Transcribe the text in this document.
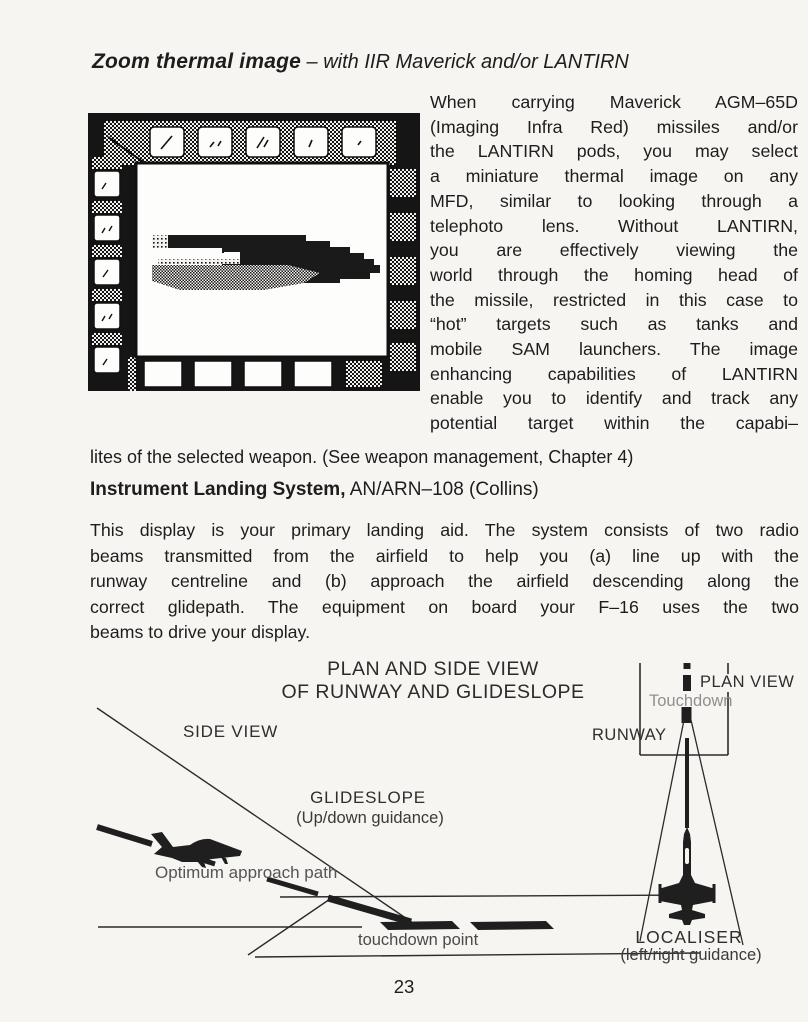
Zoom thermal image – with IIR Maverick and/or LANTIRN
When carrying Maverick AGM–65D
(Imaging Infra Red) missiles and/or
the LANTIRN pods, you may select
a miniature thermal image on any
MFD, similar to looking through a
telephoto lens. Without LANTIRN,
you are effectively viewing the
world through the homing head of
the missile, restricted in this case to
“hot” targets such as tanks and
mobile SAM launchers. The image
enhancing capabilities of LANTIRN
enable you to identify and track any
potential target within the capabi–
lites of the selected weapon. (See weapon management, Chapter 4)
Instrument Landing System, AN/ARN–108 (Collins)
This display is your primary landing aid. The system consists of two radio
beams transmitted from the airfield to help you (a) line up with the
runway centreline and (b) approach the airfield descending along the
correct glidepath. The equipment on board your F–16 uses the two
beams to drive your display.
PLAN AND SIDE VIEW
OF RUNWAY AND GLIDESLOPE
SIDE VIEW
GLIDESLOPE
(Up/down guidance)
Optimum approach path
touchdown point
PLAN VIEW
Touchdown
RUNWAY
LOCALISER
(left/right guidance)
23
